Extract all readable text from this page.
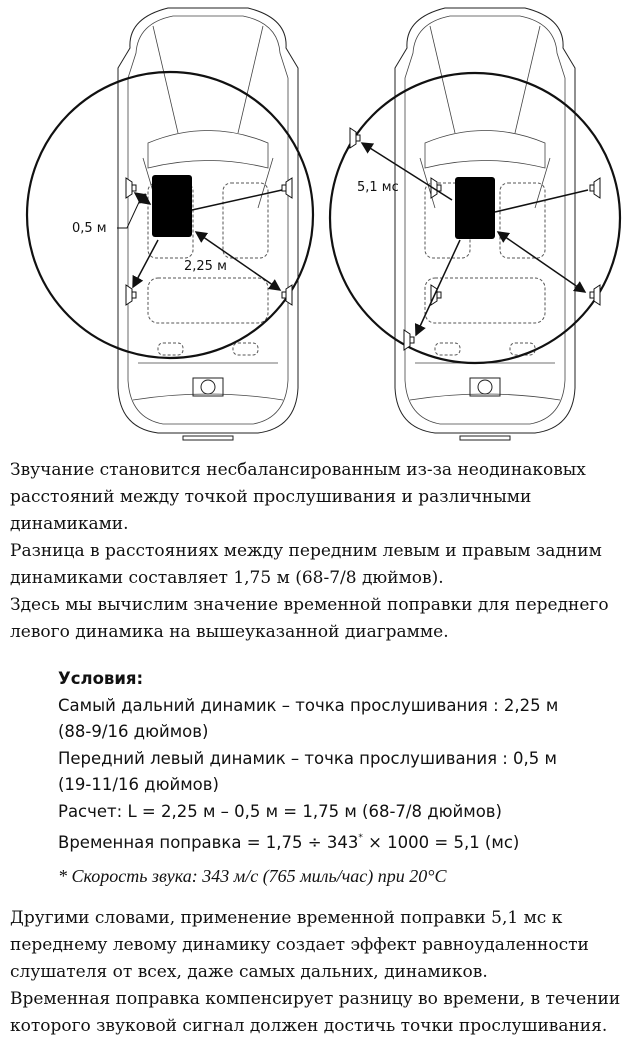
0,5 м
2,25 м
5,1 мс
Звучание становится несбалансированным из-за неодинаковых
расстояний между точкой прослушивания и различными
динамиками.
Разница в расстояниях между передним левым и правым задним
динамиками составляет 1,75 м (68-7/8 дюймов).
Здесь мы вычислим значение временной поправки для переднего
левого динамика на вышеуказанной диаграмме.
Условия:
Самый дальний динамик – точка прослушивания : 2,25 м
(88-9/16 дюймов)
Передний левый динамик – точка прослушивания : 0,5 м
(19-11/16 дюймов)
Расчет: L = 2,25 м – 0,5 м = 1,75 м (68-7/8 дюймов)
Временная поправка = 1,75 ÷ 343* × 1000 = 5,1 (мс)
* Скорость звука: 343 м/с (765 миль/час) при 20°C
Другими словами, применение временной поправки 5,1 мс к
переднему левому динамику создает эффект равноудаленности
слушателя от всех, даже самых дальних, динамиков.
Временная поправка компенсирует разницу во времени, в течении
которого звуковой сигнал должен достичь точки прослушивания.
